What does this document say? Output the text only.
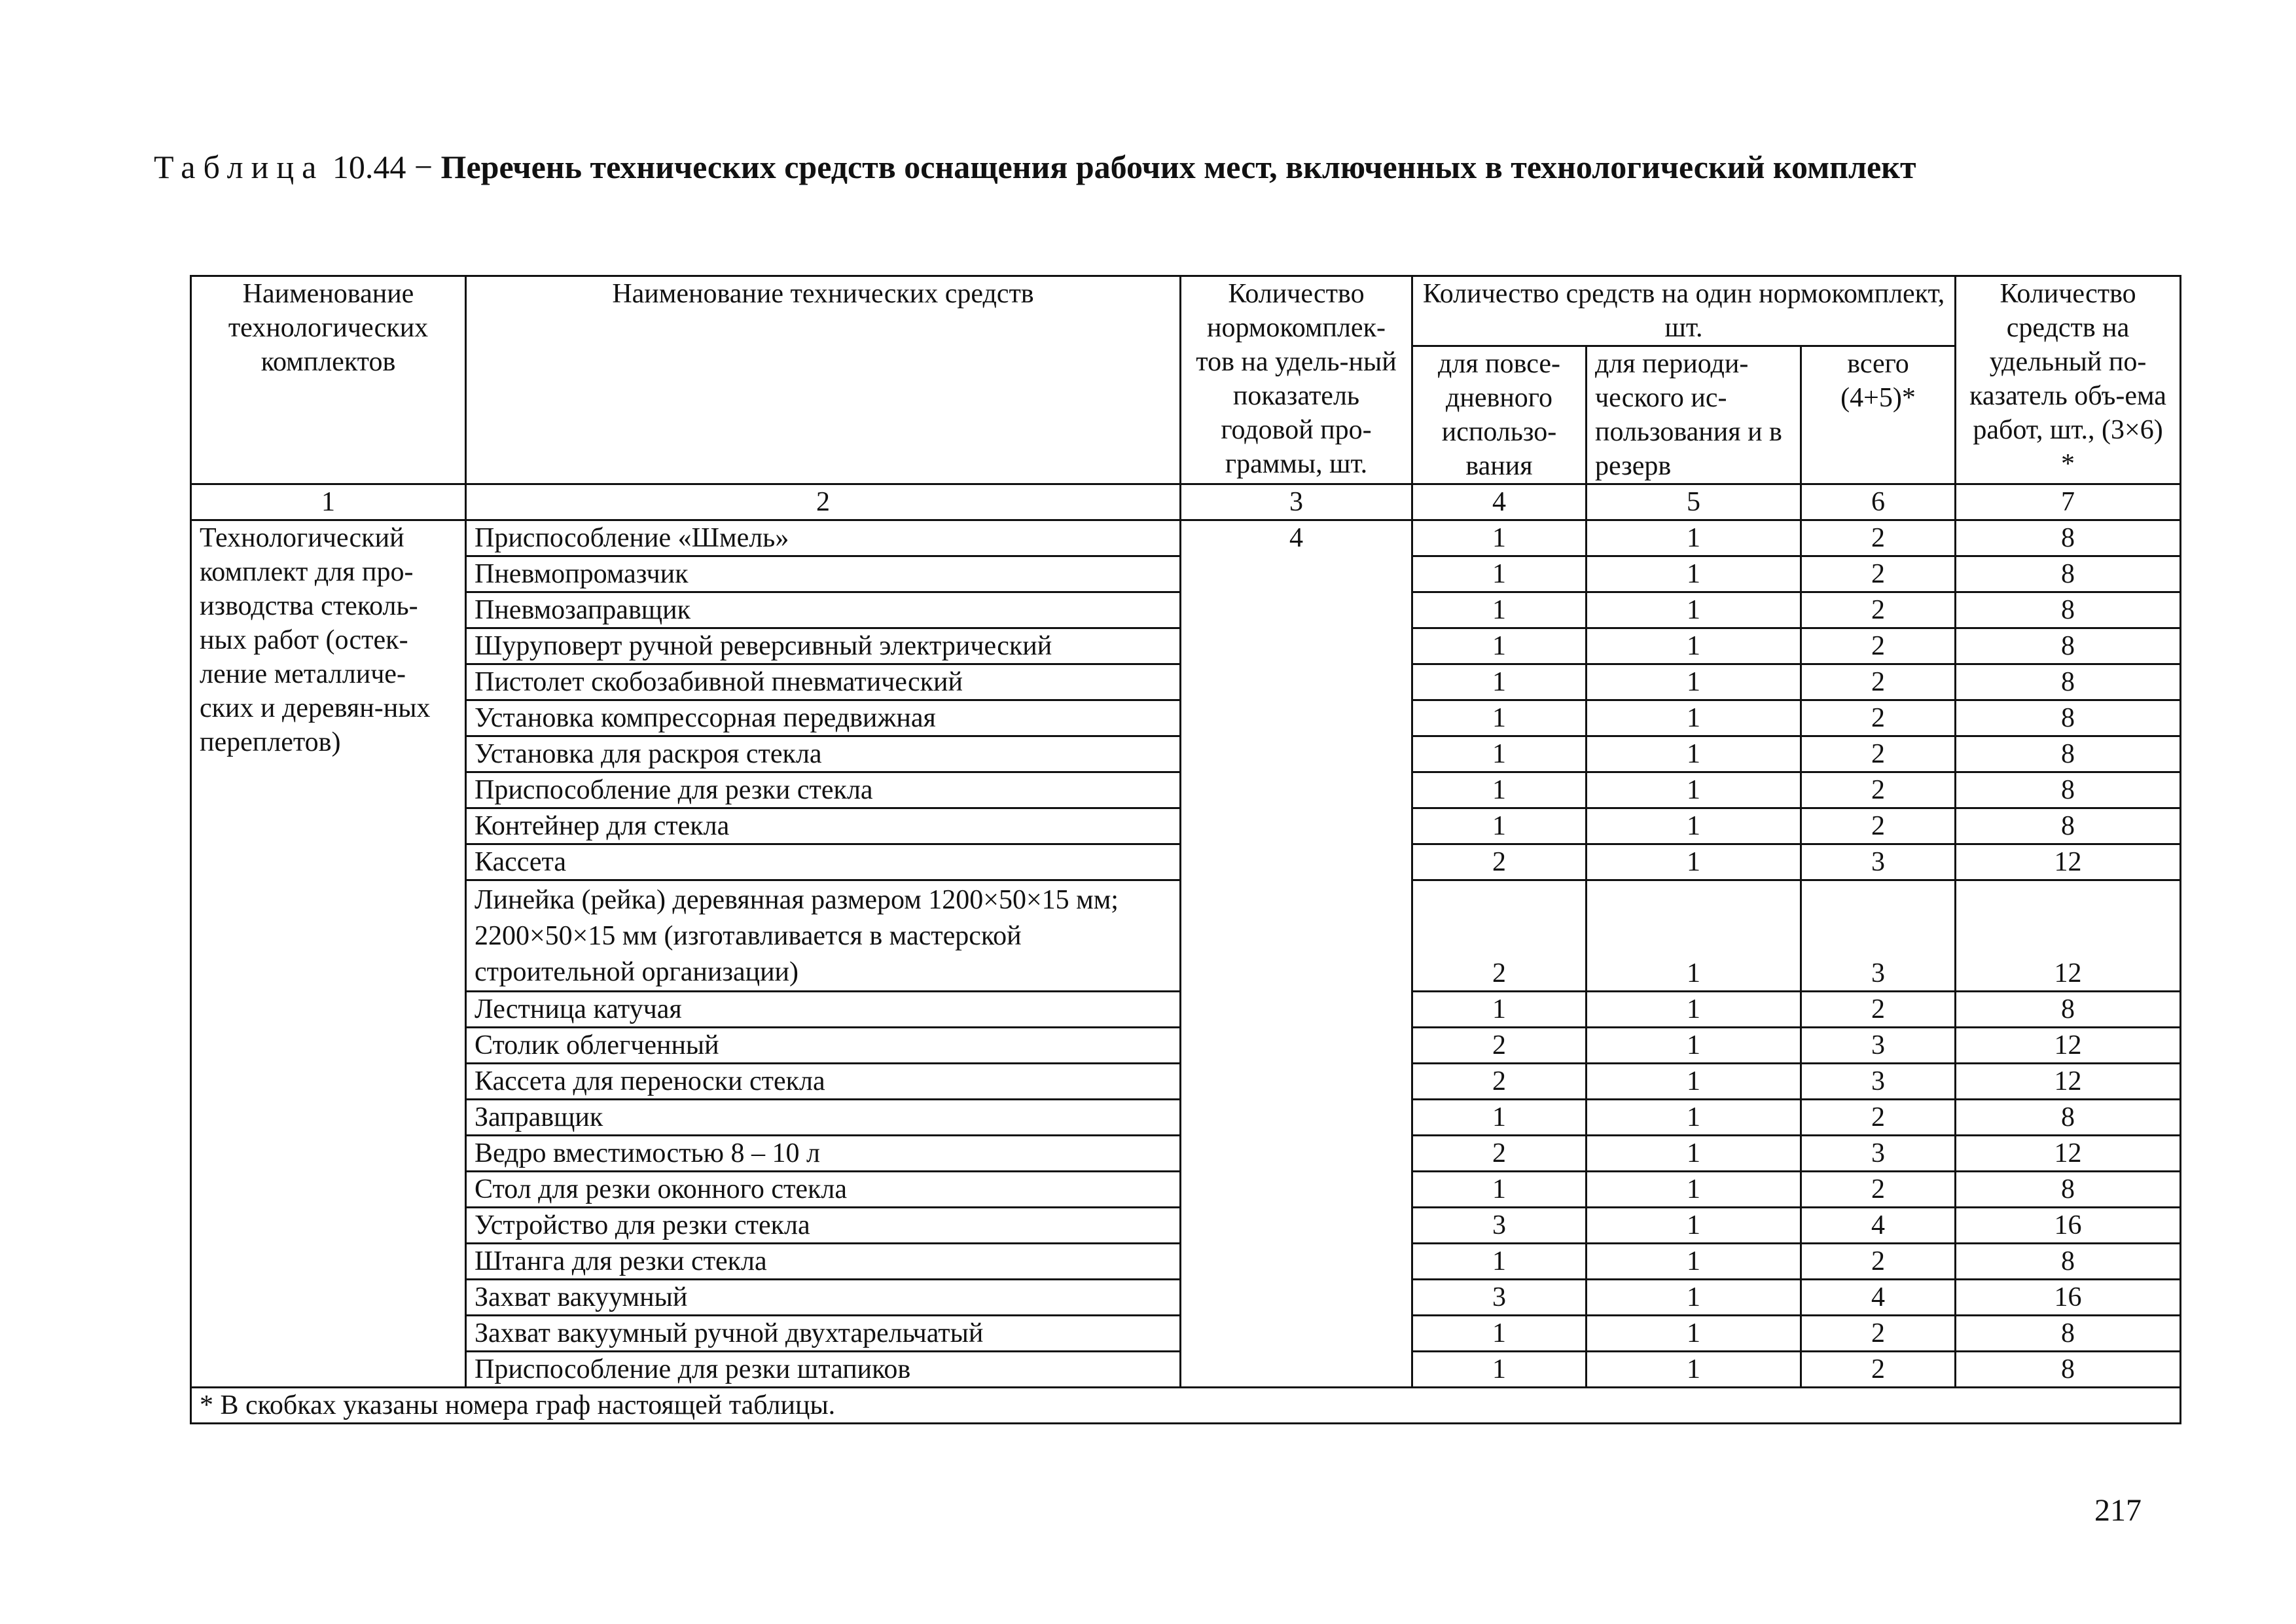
Таблица 10.44 − Перечень технических средств оснащения рабочих мест, включенных в технологический комплект
Наименование технологических комплектов	Наименование технических средств	Количество нормокомплек-тов на удель-ный показатель годовой про-граммы, шт.	Количество средств на один нормокомплект, шт.			Количество средств на удельный по-казатель объ-ема работ, шт., (3×6) *
			для повсе-дневного использо-вания	для периоди-ческого ис-пользования и в резерв	всего (4+5)*	
1	2	3	4	5	6	7
Технологический комплект для про-изводства стеколь-ных работ (остек-ление металличе-ских и деревян-ных переплетов)	Приспособление «Шмель»	4	1	1	2	8
	Пневмопромазчик		1	1	2	8
	Пневмозаправщик		1	1	2	8
	Шуруповерт ручной реверсивный электрический		1	1	2	8
	Пистолет скобозабивной пневматический		1	1	2	8
	Установка компрессорная передвижная		1	1	2	8
	Установка для раскроя стекла		1	1	2	8
	Приспособление для резки стекла		1	1	2	8
	Контейнер для стекла		1	1	2	8
	Кассета		2	1	3	12
	Линейка (рейка) деревянная размером 1200×50×15 мм; 2200×50×15 мм (изготавливается в мастерской строительной организации)		2	1	3	12
	Лестница катучая		1	1	2	8
	Столик облегченный		2	1	3	12
	Кассета для переноски стекла		2	1	3	12
	Заправщик		1	1	2	8
	Ведро вместимостью 8 – 10 л		2	1	3	12
	Стол для резки оконного стекла		1	1	2	8
	Устройство для резки стекла		3	1	4	16
	Штанга для резки стекла		1	1	2	8
	Захват вакуумный		3	1	4	16
	Захват вакуумный ручной двухтарельчатый		1	1	2	8
	Приспособление для резки штапиков		1	1	2	8
* В скобках указаны номера граф настоящей таблицы.						
217
